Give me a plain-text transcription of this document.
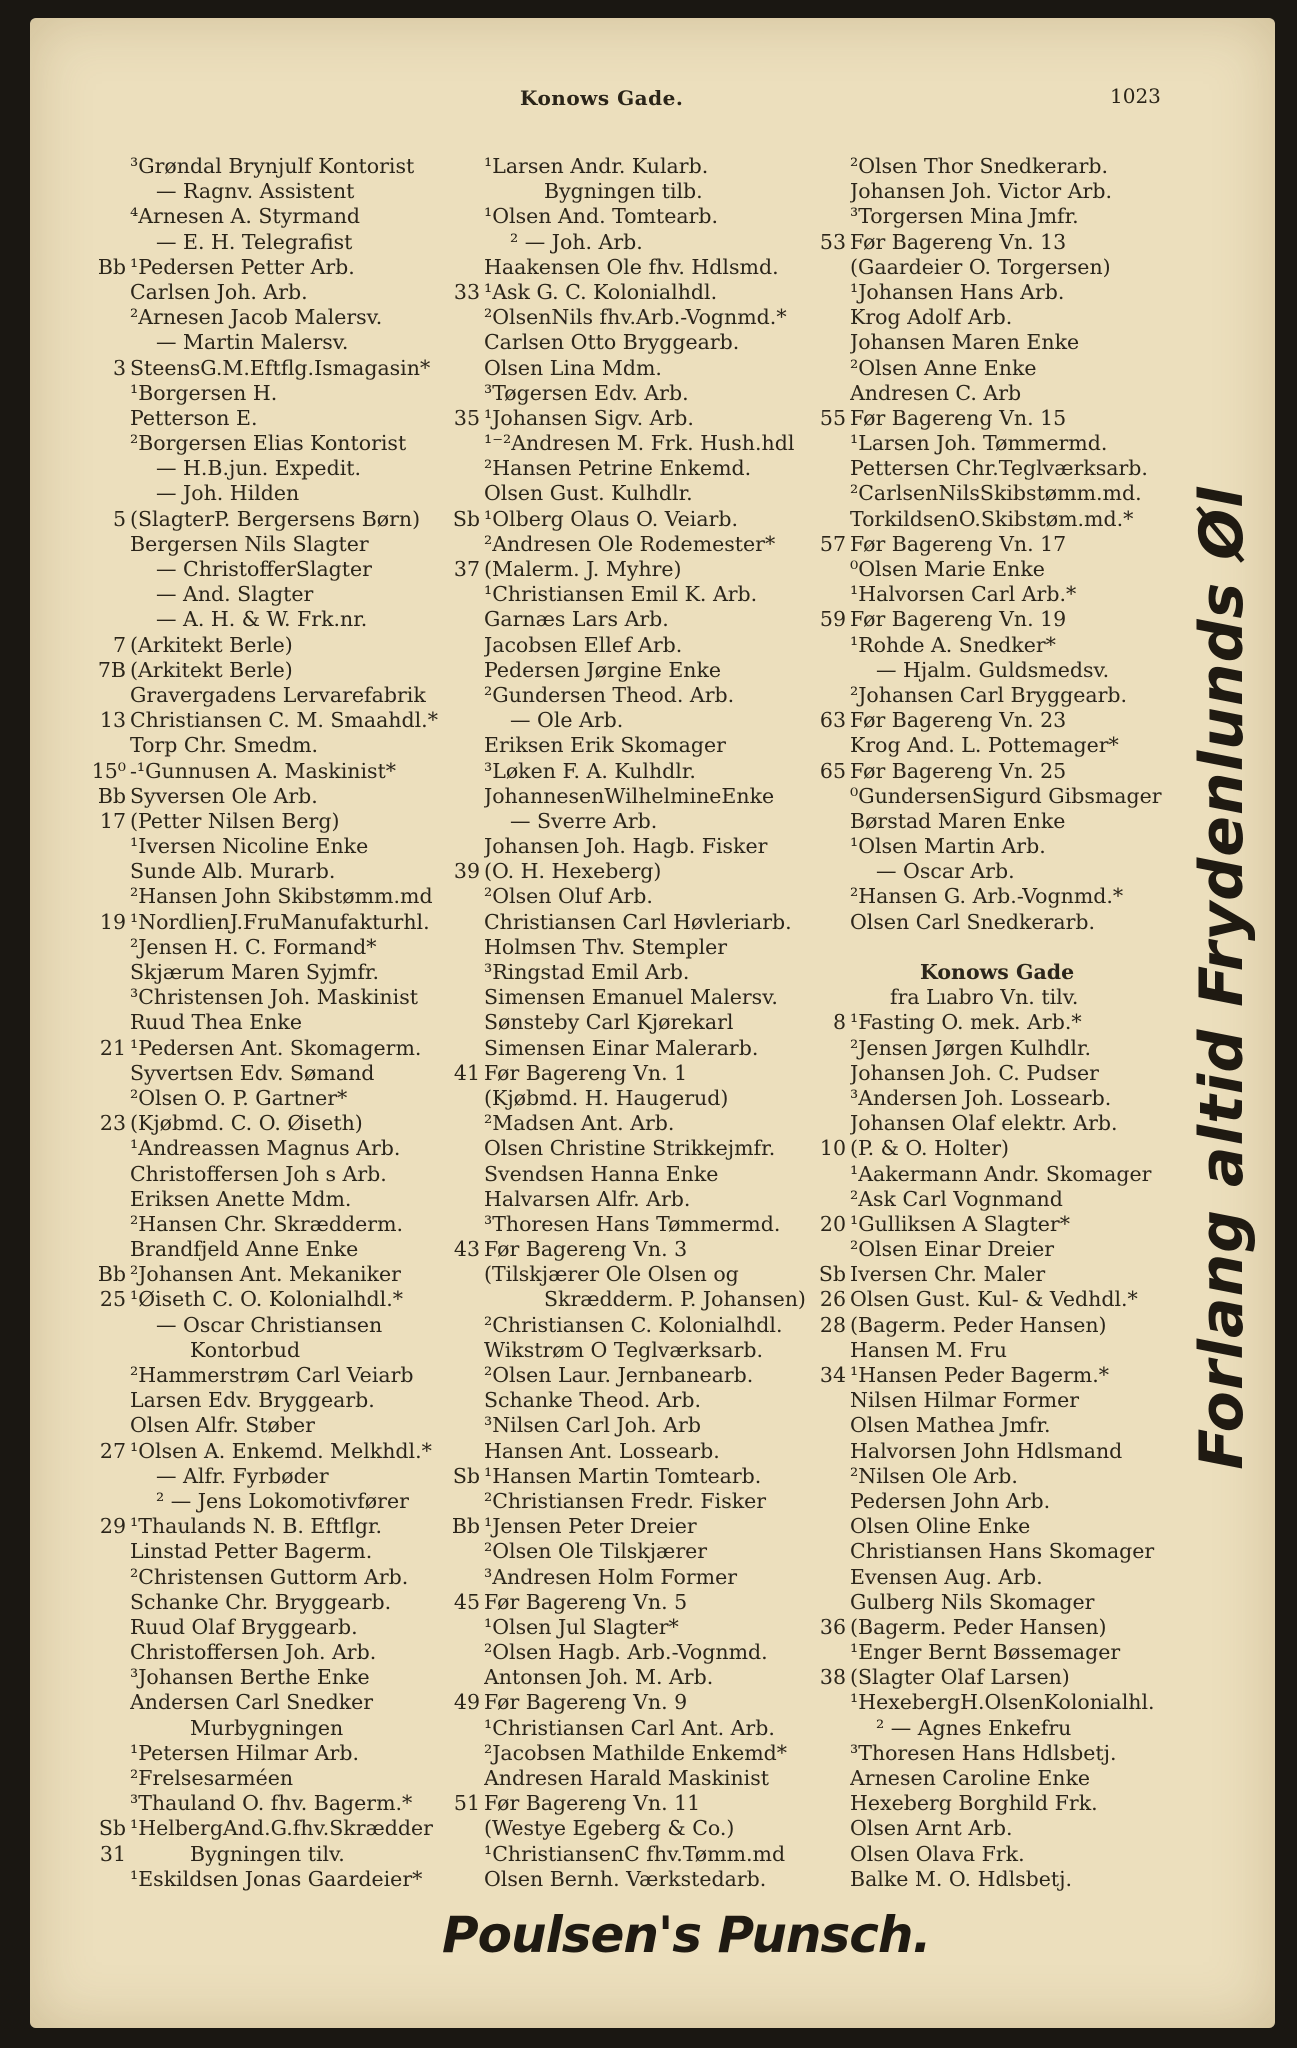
Konows Gade.	1023
³Grøndal Brynjulf Kontorist
— Ragnv. Assistent
⁴Arnesen A. Styrmand
— E. H. Telegrafist
Bb ¹Pedersen Petter Arb.
Carlsen Joh. Arb.
²Arnesen Jacob Malersv.
— Martin Malersv.
3 SteensG.M.Eftflg.Ismagasin*
¹Borgersen H.
Petterson E.
²Borgersen Elias Kontorist
— H.B.jun. Expedit.
— Joh. Hilden
5 (SlagterP. Bergersens Børn)
Bergersen Nils Slagter
— ChristofferSlagter
— And. Slagter
— A. H. & W. Frk.nr.
7 (Arkitekt Berle)
7B (Arkitekt Berle)
Gravergadens Lervarefabrik
13 Christiansen C. M. Smaahdl.*
Torp Chr. Smedm.
15⁰ -¹Gunnusen A. Maskinist*
Bb Syversen Ole Arb.
17 (Petter Nilsen Berg)
¹Iversen Nicoline Enke
Sunde Alb. Murarb.
²Hansen John Skibstømm.md
19 ¹NordlienJ.FruManufakturhl.
²Jensen H. C. Formand*
Skjærum Maren Syjmfr.
³Christensen Joh. Maskinist
Ruud Thea Enke
21 ¹Pedersen Ant. Skomagerm.
Syvertsen Edv. Sømand
²Olsen O. P. Gartner*
23 (Kjøbmd. C. O. Øiseth)
¹Andreassen Magnus Arb.
Christoffersen Joh s Arb.
Eriksen Anette Mdm.
²Hansen Chr. Skrædderm.
Brandfjeld Anne Enke
Bb ²Johansen Ant. Mekaniker
25 ¹Øiseth C. O. Kolonialhdl.*
— Oscar Christiansen
Kontorbud
²Hammerstrøm Carl Veiarb
Larsen Edv. Bryggearb.
Olsen Alfr. Støber
27 ¹Olsen A. Enkemd. Melkhdl.*
— Alfr. Fyrbøder
² — Jens Lokomotivfører
29 ¹Thaulands N. B. Eftflgr.
Linstad Petter Bagerm.
²Christensen Guttorm Arb.
Schanke Chr. Bryggearb.
Ruud Olaf Bryggearb.
Christoffersen Joh. Arb.
³Johansen Berthe Enke
Andersen Carl Snedker
Murbygningen
¹Petersen Hilmar Arb.
²Frelsesarméen
³Thauland O. fhv. Bagerm.*
Sb ¹HelbergAnd.G.fhv.Skrædder
31	Bygningen tilv.
¹Eskildsen Jonas Gaardeier*
¹Larsen Andr. Kularb.
Bygningen tilb.
¹Olsen And. Tomtearb.
² — Joh. Arb.
Haakensen Ole fhv. Hdlsmd.
33 ¹Ask G. C. Kolonialhdl.
²OlsenNils fhv.Arb.-Vognmd.*
Carlsen Otto Bryggearb.
Olsen Lina Mdm.
³Tøgersen Edv. Arb.
35 ¹Johansen Sigv. Arb.
¹⁻²Andresen M. Frk. Hush.hdl
²Hansen Petrine Enkemd.
Olsen Gust. Kulhdlr.
Sb ¹Olberg Olaus O. Veiarb.
²Andresen Ole Rodemester*
37 (Malerm. J. Myhre)
¹Christiansen Emil K. Arb.
Garnæs Lars Arb.
Jacobsen Ellef Arb.
Pedersen Jørgine Enke
²Gundersen Theod. Arb.
— Ole Arb.
Eriksen Erik Skomager
³Løken F. A. Kulhdlr.
JohannesenWilhelmineEnke
— Sverre Arb.
Johansen Joh. Hagb. Fisker
39 (O. H. Hexeberg)
²Olsen Oluf Arb.
Christiansen Carl Høvleriarb.
Holmsen Thv. Stempler
³Ringstad Emil Arb.
Simensen Emanuel Malersv.
Sønsteby Carl Kjørekarl
Simensen Einar Malerarb.
41 Før Bagereng Vn. 1
(Kjøbmd. H. Haugerud)
²Madsen Ant. Arb.
Olsen Christine Strikkejmfr.
Svendsen Hanna Enke
Halvarsen Alfr. Arb.
³Thoresen Hans Tømmermd.
43 Før Bagereng Vn. 3
(Tilskjærer Ole Olsen og
Skrædderm. P. Johansen)
²Christiansen C. Kolonialhdl.
Wikstrøm O Teglværksarb.
²Olsen Laur. Jernbanearb.
Schanke Theod. Arb.
³Nilsen Carl Joh. Arb
Hansen Ant. Lossearb.
Sb ¹Hansen Martin Tomtearb.
²Christiansen Fredr. Fisker
Bb ¹Jensen Peter Dreier
²Olsen Ole Tilskjærer
³Andresen Holm Former
45 Før Bagereng Vn. 5
¹Olsen Jul Slagter*
²Olsen Hagb. Arb.-Vognmd.
Antonsen Joh. M. Arb.
49 Før Bagereng Vn. 9
¹Christiansen Carl Ant. Arb.
²Jacobsen Mathilde Enkemd*
Andresen Harald Maskinist
51 Før Bagereng Vn. 11
(Westye Egeberg & Co.)
¹ChristiansenC fhv.Tømm.md
Olsen Bernh. Værkstedarb.
²Olsen Thor Snedkerarb.
Johansen Joh. Victor Arb.
³Torgersen Mina Jmfr.
53 Før Bagereng Vn. 13
(Gaardeier O. Torgersen)
¹Johansen Hans Arb.
Krog Adolf Arb.
Johansen Maren Enke
²Olsen Anne Enke
Andresen C. Arb
55 Før Bagereng Vn. 15
¹Larsen Joh. Tømmermd.
Pettersen Chr.Teglværksarb.
²CarlsenNilsSkibstømm.md.
TorkildsenO.Skibstøm.md.*
57 Før Bagereng Vn. 17
⁰Olsen Marie Enke
¹Halvorsen Carl Arb.*
59 Før Bagereng Vn. 19
¹Rohde A. Snedker*
— Hjalm. Guldsmedsv.
²Johansen Carl Bryggearb.
63 Før Bagereng Vn. 23
Krog And. L. Pottemager*
65 Før Bagereng Vn. 25
⁰GundersenSigurd Gibsmager
Børstad Maren Enke
¹Olsen Martin Arb.
— Oscar Arb.
²Hansen G. Arb.-Vognmd.*
Olsen Carl Snedkerarb.
Konows Gade
fra Lıabro Vn. tilv.
8 ¹Fasting O. mek. Arb.*
²Jensen Jørgen Kulhdlr.
Johansen Joh. C. Pudser
³Andersen Joh. Lossearb.
Johansen Olaf elektr. Arb.
10 (P. & O. Holter)
¹Aakermann Andr. Skomager
²Ask Carl Vognmand
20 ¹Gulliksen A Slagter*
²Olsen Einar Dreier
Sb Iversen Chr. Maler
26 Olsen Gust. Kul- & Vedhdl.*
28 (Bagerm. Peder Hansen)
Hansen M. Fru
34 ¹Hansen Peder Bagerm.*
Nilsen Hilmar Former
Olsen Mathea Jmfr.
Halvorsen John Hdlsmand
²Nilsen Ole Arb.
Pedersen John Arb.
Olsen Oline Enke
Christiansen Hans Skomager
Evensen Aug. Arb.
Gulberg Nils Skomager
36 (Bagerm. Peder Hansen)
¹Enger Bernt Bøssemager
38 (Slagter Olaf Larsen)
¹HexebergH.OlsenKolonialhl.
² — Agnes Enkefru
³Thoresen Hans Hdlsbetj.
Arnesen Caroline Enke
Hexeberg Borghild Frk.
Olsen Arnt Arb.
Olsen Olava Frk.
Balke M. O. Hdlsbetj.
Forlang altid Frydenlunds Øl
Poulsen's Punsch.
